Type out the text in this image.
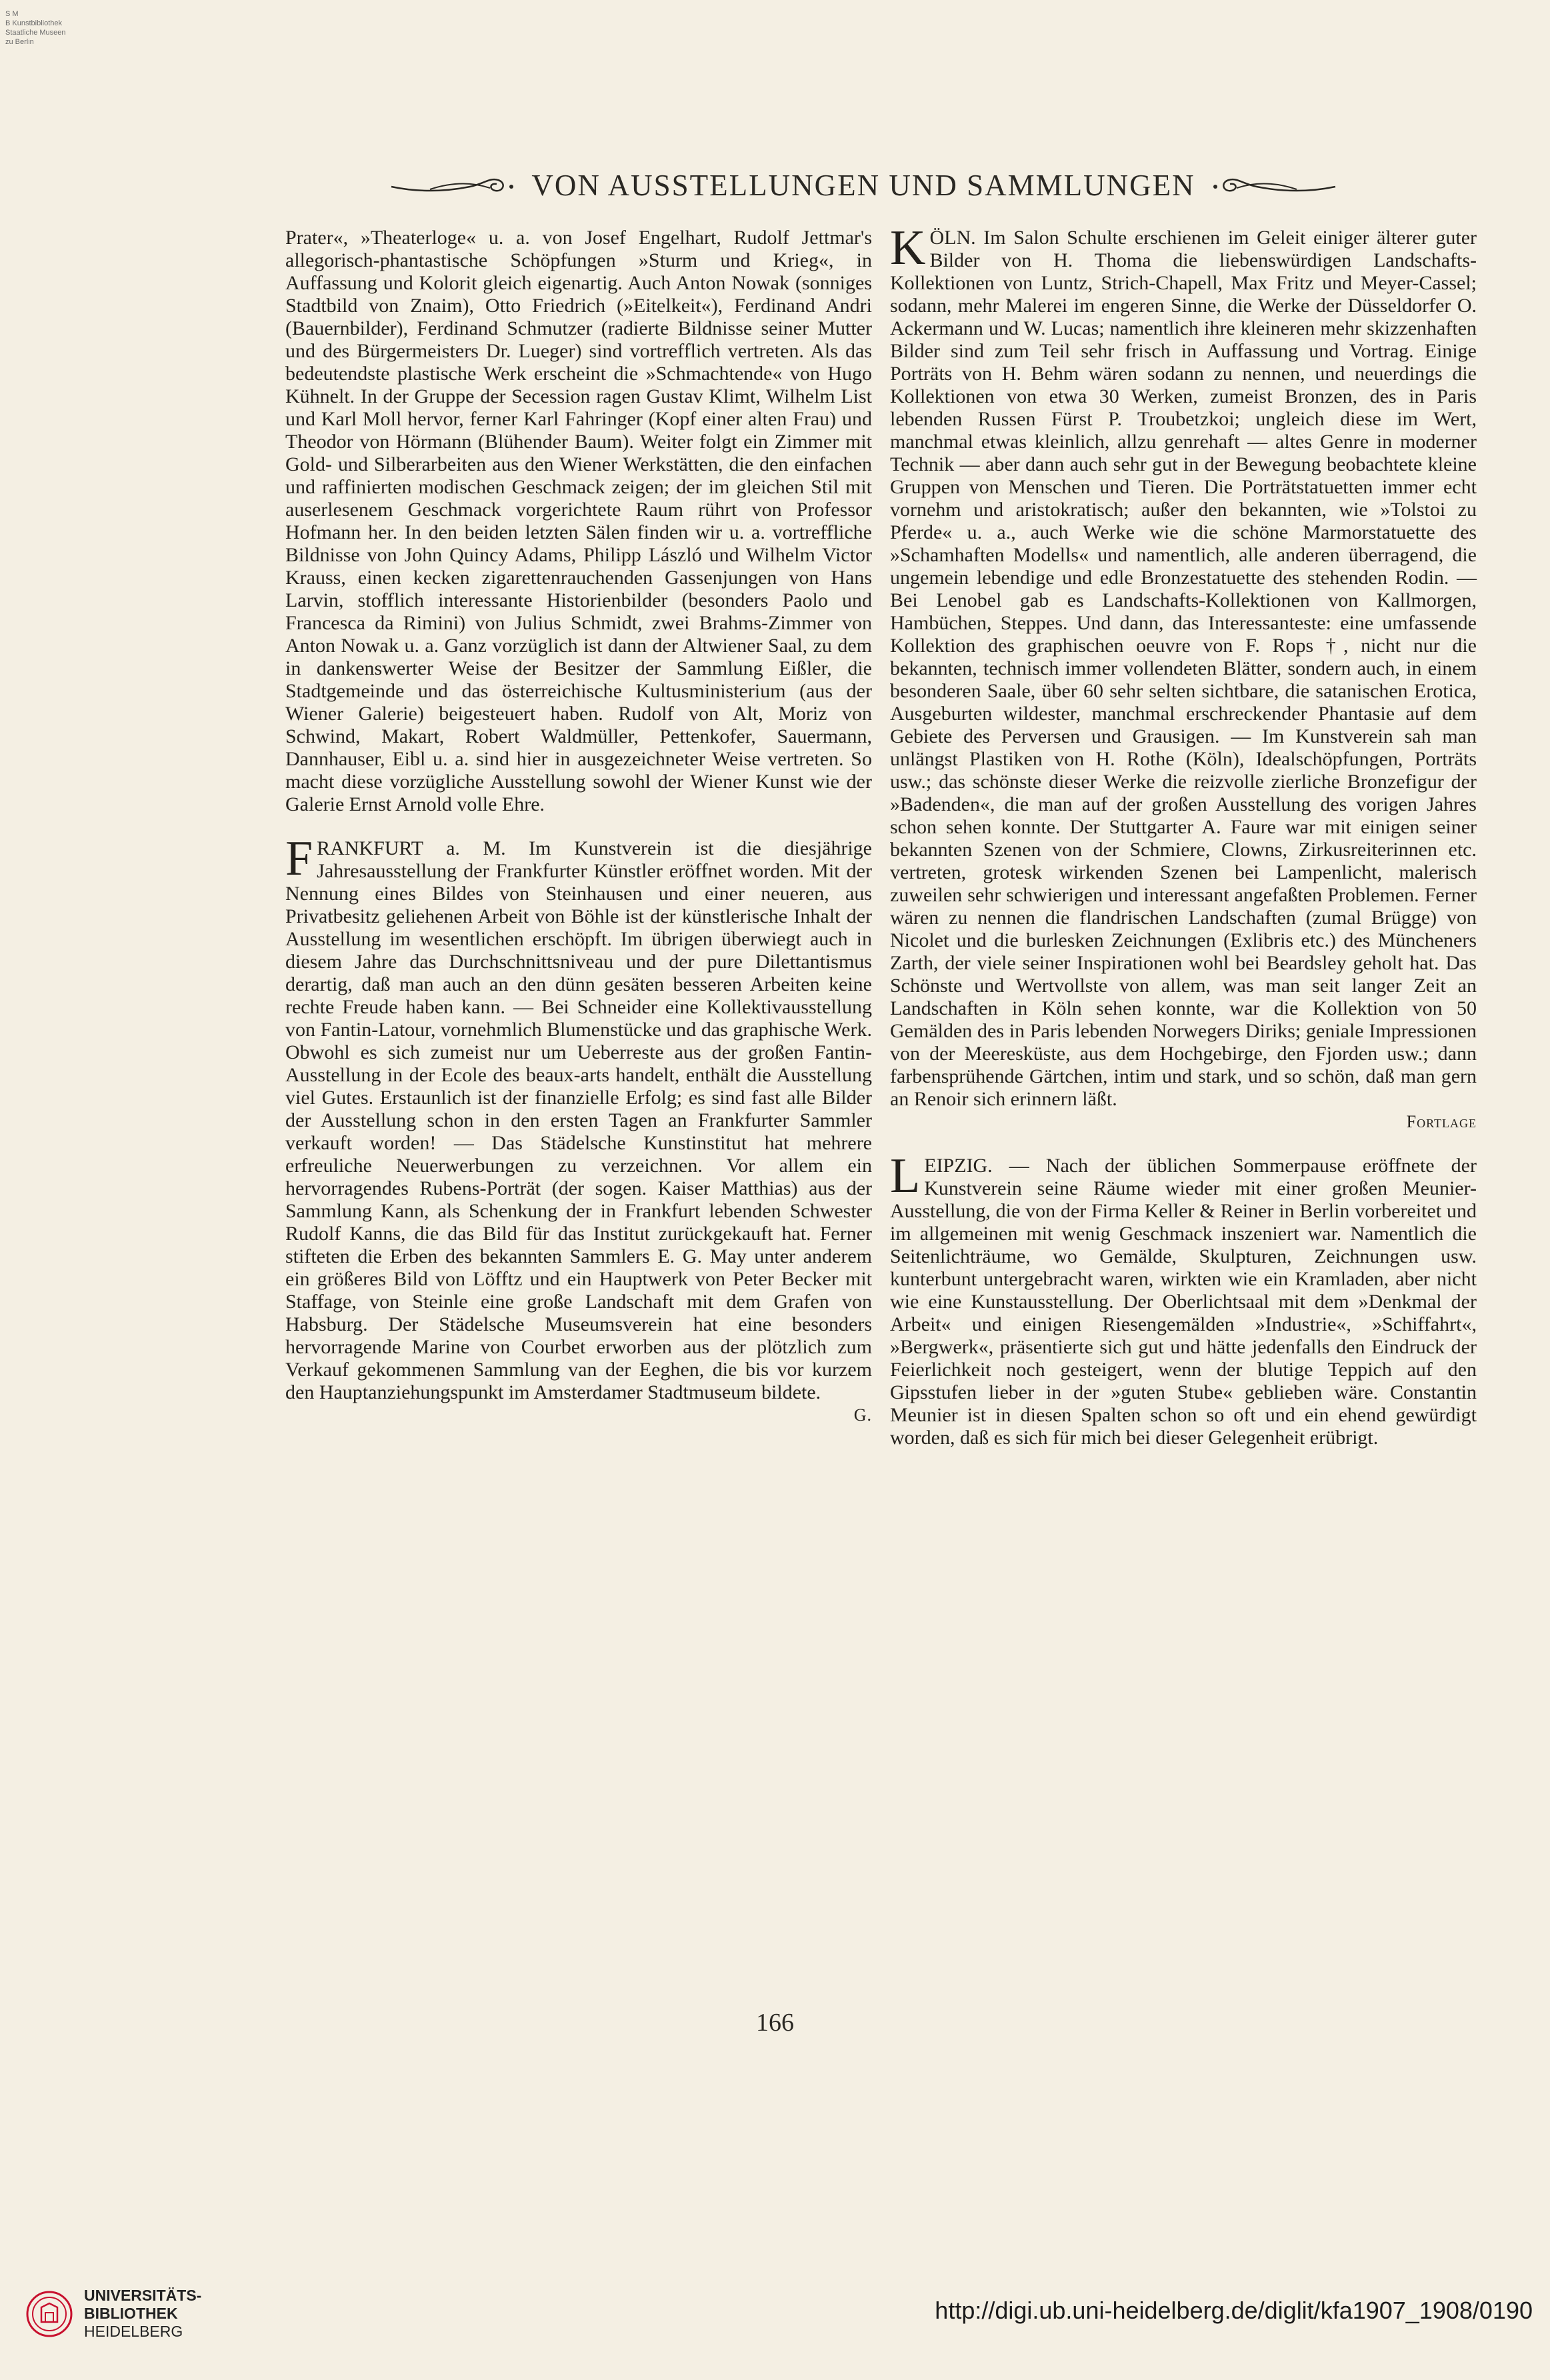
S M
B Kunstbibliothek
Staatliche Museen
zu Berlin
VON AUSSTELLUNGEN UND SAMMLUNGEN

Prater«, »Theaterloge« u. a. von Josef Engelhart, Rudolf Jettmar's allegorisch-phantastische Schöpfungen »Sturm und Krieg«, in Auffassung und Kolorit gleich eigenartig. Auch Anton Nowak (sonniges Stadtbild von Znaim), Otto Friedrich (»Eitelkeit«), Ferdinand Andri (Bauernbilder), Ferdinand Schmutzer (radierte Bildnisse seiner Mutter und des Bürgermeisters Dr. Lueger) sind vortrefflich vertreten. Als das bedeutendste plastische Werk erscheint die »Schmachtende« von Hugo Kühnelt. In der Gruppe der Secession ragen Gustav Klimt, Wilhelm List und Karl Moll hervor, ferner Karl Fahringer (Kopf einer alten Frau) und Theodor von Hörmann (Blühender Baum). Weiter folgt ein Zimmer mit Gold- und Silberarbeiten aus den Wiener Werkstätten, die den einfachen und raffinierten modischen Geschmack zeigen; der im gleichen Stil mit auserlesenem Geschmack vorgerichtete Raum rührt von Professor Hofmann her. In den beiden letzten Sälen finden wir u. a. vortreffliche Bildnisse von John Quincy Adams, Philipp László und Wilhelm Victor Krauss, einen kecken zigarettenrauchenden Gassenjungen von Hans Larvin, stofflich interessante Historienbilder (besonders Paolo und Francesca da Rimini) von Julius Schmidt, zwei Brahms-Zimmer von Anton Nowak u. a. Ganz vorzüglich ist dann der Altwiener Saal, zu dem in dankenswerter Weise der Besitzer der Sammlung Eißler, die Stadtgemeinde und das österreichische Kultusministerium (aus der Wiener Galerie) beigesteuert haben. Rudolf von Alt, Moriz von Schwind, Makart, Robert Waldmüller, Pettenkofer, Sauermann, Dannhauser, Eibl u. a. sind hier in ausgezeichneter Weise vertreten. So macht diese vorzügliche Ausstellung sowohl der Wiener Kunst wie der Galerie Ernst Arnold volle Ehre.

FRANKFURT a. M. Im Kunstverein ist die diesjährige Jahresausstellung der Frankfurter Künstler eröffnet worden. Mit der Nennung eines Bildes von Steinhausen und einer neueren, aus Privatbesitz geliehenen Arbeit von Böhle ist der künstlerische Inhalt der Ausstellung im wesentlichen erschöpft. Im übrigen überwiegt auch in diesem Jahre das Durchschnittsniveau und der pure Dilettantismus derartig, daß man auch an den dünn gesäten besseren Arbeiten keine rechte Freude haben kann. — Bei Schneider eine Kollektivausstellung von Fantin-Latour, vornehmlich Blumenstücke und das graphische Werk. Obwohl es sich zumeist nur um Ueberreste aus der großen Fantin-Ausstellung in der Ecole des beaux-arts handelt, enthält die Ausstellung viel Gutes. Erstaunlich ist der finanzielle Erfolg; es sind fast alle Bilder der Ausstellung schon in den ersten Tagen an Frankfurter Sammler verkauft worden! — Das Städelsche Kunstinstitut hat mehrere erfreuliche Neuerwerbungen zu verzeichnen. Vor allem ein hervorragendes Rubens-Porträt (der sogen. Kaiser Matthias) aus der Sammlung Kann, als Schenkung der in Frankfurt lebenden Schwester Rudolf Kanns, die das Bild für das Institut zurückgekauft hat. Ferner stifteten die Erben des bekannten Sammlers E. G. May unter anderem ein größeres Bild von Löfftz und ein Hauptwerk von Peter Becker mit Staffage, von Steinle eine große Landschaft mit dem Grafen von Habsburg. Der Städelsche Museumsverein hat eine besonders hervorragende Marine von Courbet erworben aus der plötzlich zum Verkauf gekommenen Sammlung van der Eeghen, die bis vor kurzem den Hauptanziehungspunkt im Amsterdamer Stadtmuseum bildete.
G.

KÖLN. Im Salon Schulte erschienen im Geleit einiger älterer guter Bilder von H. Thoma die liebenswürdigen Landschafts-Kollektionen von Luntz, Strich-Chapell, Max Fritz und Meyer-Cassel; sodann, mehr Malerei im engeren Sinne, die Werke der Düsseldorfer O. Ackermann und W. Lucas; namentlich ihre kleineren mehr skizzenhaften Bilder sind zum Teil sehr frisch in Auffassung und Vortrag. Einige Porträts von H. Behm wären sodann zu nennen, und neuerdings die Kollektionen von etwa 30 Werken, zumeist Bronzen, des in Paris lebenden Russen Fürst P. Troubetzkoi; ungleich diese im Wert, manchmal etwas kleinlich, allzu genrehaft — altes Genre in moderner Technik — aber dann auch sehr gut in der Bewegung beobachtete kleine Gruppen von Menschen und Tieren. Die Porträtstatuetten immer echt vornehm und aristokratisch; außer den bekannten, wie »Tolstoi zu Pferde« u. a., auch Werke wie die schöne Marmorstatuette des »Schamhaften Modells« und namentlich, alle anderen überragend, die ungemein lebendige und edle Bronzestatuette des stehenden Rodin. — Bei Lenobel gab es Landschafts-Kollektionen von Kallmorgen, Hambüchen, Steppes. Und dann, das Interessanteste: eine umfassende Kollektion des graphischen oeuvre von F. Rops †, nicht nur die bekannten, technisch immer vollendeten Blätter, sondern auch, in einem besonderen Saale, über 60 sehr selten sichtbare, die satanischen Erotica, Ausgeburten wildester, manchmal erschreckender Phantasie auf dem Gebiete des Perversen und Grausigen. — Im Kunstverein sah man unlängst Plastiken von H. Rothe (Köln), Idealschöpfungen, Porträts usw.; das schönste dieser Werke die reizvolle zierliche Bronzefigur der »Badenden«, die man auf der großen Ausstellung des vorigen Jahres schon sehen konnte. Der Stuttgarter A. Faure war mit einigen seiner bekannten Szenen von der Schmiere, Clowns, Zirkusreiterinnen etc. vertreten, grotesk wirkenden Szenen bei Lampenlicht, malerisch zuweilen sehr schwierigen und interessant angefaßten Problemen. Ferner wären zu nennen die flandrischen Landschaften (zumal Brügge) von Nicolet und die burlesken Zeichnungen (Exlibris etc.) des Müncheners Zarth, der viele seiner Inspirationen wohl bei Beardsley geholt hat. Das Schönste und Wertvollste von allem, was man seit langer Zeit an Landschaften in Köln sehen konnte, war die Kollektion von 50 Gemälden des in Paris lebenden Norwegers Diriks; geniale Impressionen von der Meeresküste, aus dem Hochgebirge, den Fjorden usw.; dann farbensprühende Gärtchen, intim und stark, und so schön, daß man gern an Renoir sich erinnern läßt.
Fortlage

LEIPZIG. — Nach der üblichen Sommerpause eröffnete der Kunstverein seine Räume wieder mit einer großen Meunier-Ausstellung, die von der Firma Keller & Reiner in Berlin vorbereitet und im allgemeinen mit wenig Geschmack inszeniert war. Namentlich die Seitenlichträume, wo Gemälde, Skulpturen, Zeichnungen usw. kunterbunt untergebracht waren, wirkten wie ein Kramladen, aber nicht wie eine Kunstausstellung. Der Oberlichtsaal mit dem »Denkmal der Arbeit« und einigen Riesengemälden »Industrie«, »Schiffahrt«, »Bergwerk«, präsentierte sich gut und hätte jedenfalls den Eindruck der Feierlichkeit noch gesteigert, wenn der blutige Teppich auf den Gipsstufen lieber in der »guten Stube« geblieben wäre. Constantin Meunier ist in diesen Spalten schon so oft und ein ehend gewürdigt worden, daß es sich für mich bei dieser Gelegenheit erübrigt.

166
UNIVERSITÄTS-
BIBLIOTHEK
HEIDELBERG
http://digi.ub.uni-heidelberg.de/diglit/kfa1907_1908/0190
